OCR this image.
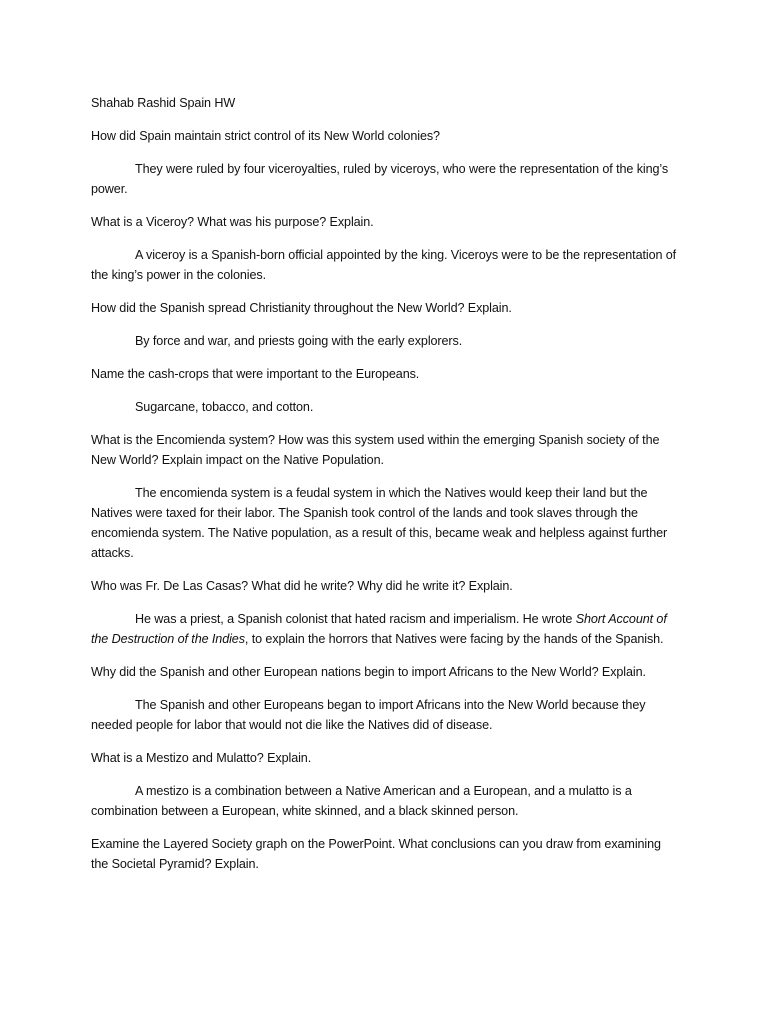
Shahab Rashid Spain HW

How did Spain maintain strict control of its New World colonies?

They were ruled by four viceroyalties, ruled by viceroys, who were the representation of the king’s power.

What is a Viceroy? What was his purpose? Explain.

A viceroy is a Spanish-born official appointed by the king. Viceroys were to be the representation of the king’s power in the colonies.

How did the Spanish spread Christianity throughout the New World? Explain.

By force and war, and priests going with the early explorers.

Name the cash-crops that were important to the Europeans.

Sugarcane, tobacco, and cotton.

What is the Encomienda system? How was this system used within the emerging Spanish society of the New World? Explain impact on the Native Population.

The encomienda system is a feudal system in which the Natives would keep their land but the Natives were taxed for their labor. The Spanish took control of the lands and took slaves through the encomienda system. The Native population, as a result of this, became weak and helpless against further attacks.

Who was Fr. De Las Casas? What did he write? Why did he write it? Explain.

He was a priest, a Spanish colonist that hated racism and imperialism. He wrote Short Account of the Destruction of the Indies, to explain the horrors that Natives were facing by the hands of the Spanish.

Why did the Spanish and other European nations begin to import Africans to the New World? Explain.

The Spanish and other Europeans began to import Africans into the New World because they needed people for labor that would not die like the Natives did of disease.

What is a Mestizo and Mulatto? Explain.

A mestizo is a combination between a Native American and a European, and a mulatto is a combination between a European, white skinned, and a black skinned person.

Examine the Layered Society graph on the PowerPoint. What conclusions can you draw from examining the Societal Pyramid? Explain.
